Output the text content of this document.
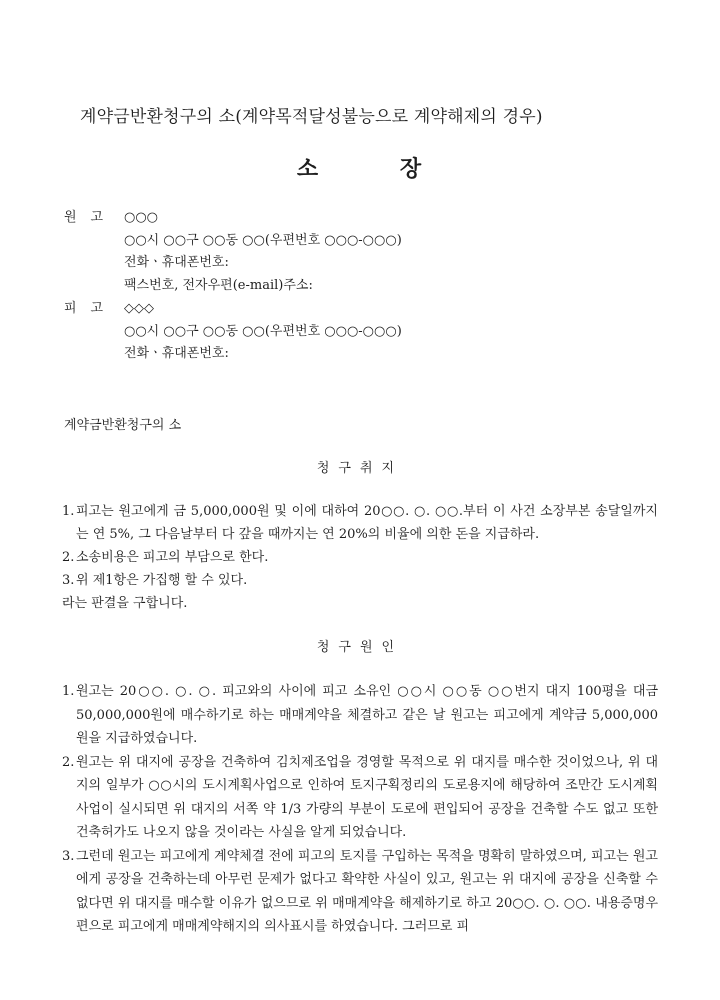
계약금반환청구의 소(계약목적달성불능으로 계약해제의 경우)
소 장
원고 ○○○
○○시 ○○구 ○○동 ○○(우편번호 ○○○-○○○)
전화ㆍ휴대폰번호:
팩스번호, 전자우편(e-mail)주소:
피고 ◇◇◇
○○시 ○○구 ○○동 ○○(우편번호 ○○○-○○○)
전화ㆍ휴대폰번호:
계약금반환청구의 소
청구취지
1. 피고는 원고에게 금 5,000,000원 및 이에 대하여 20○○. ○. ○○.부터 이 사건 소장부본 송달일까지는 연 5%, 그 다음날부터 다 갚을 때까지는 연 20%의 비율에 의한 돈을 지급하라.
2. 소송비용은 피고의 부담으로 한다.
3. 위 제1항은 가집행 할 수 있다.
라는 판결을 구합니다.
청구원인
1. 원고는 20○○. ○. ○. 피고와의 사이에 피고 소유인 ○○시 ○○동 ○○번지 대지 100평을 대금 50,000,000원에 매수하기로 하는 매매계약을 체결하고 같은 날 원고는 피고에게 계약금 5,000,000원을 지급하였습니다.
2. 원고는 위 대지에 공장을 건축하여 김치제조업을 경영할 목적으로 위 대지를 매수한 것이었으나, 위 대지의 일부가 ○○시의 도시계획사업으로 인하여 토지구획정리의 도로용지에 해당하여 조만간 도시계획사업이 실시되면 위 대지의 서쪽 약 1/3 가량의 부분이 도로에 편입되어 공장을 건축할 수도 없고 또한 건축허가도 나오지 않을 것이라는 사실을 알게 되었습니다.
3. 그런데 원고는 피고에게 계약체결 전에 피고의 토지를 구입하는 목적을 명확히 말하였으며, 피고는 원고에게 공장을 건축하는데 아무런 문제가 없다고 확약한 사실이 있고, 원고는 위 대지에 공장을 신축할 수 없다면 위 대지를 매수할 이유가 없으므로 위 매매계약을 해제하기로 하고 20○○. ○. ○○. 내용증명우편으로 피고에게 매매계약해지의 의사표시를 하였습니다. 그러므로 피
